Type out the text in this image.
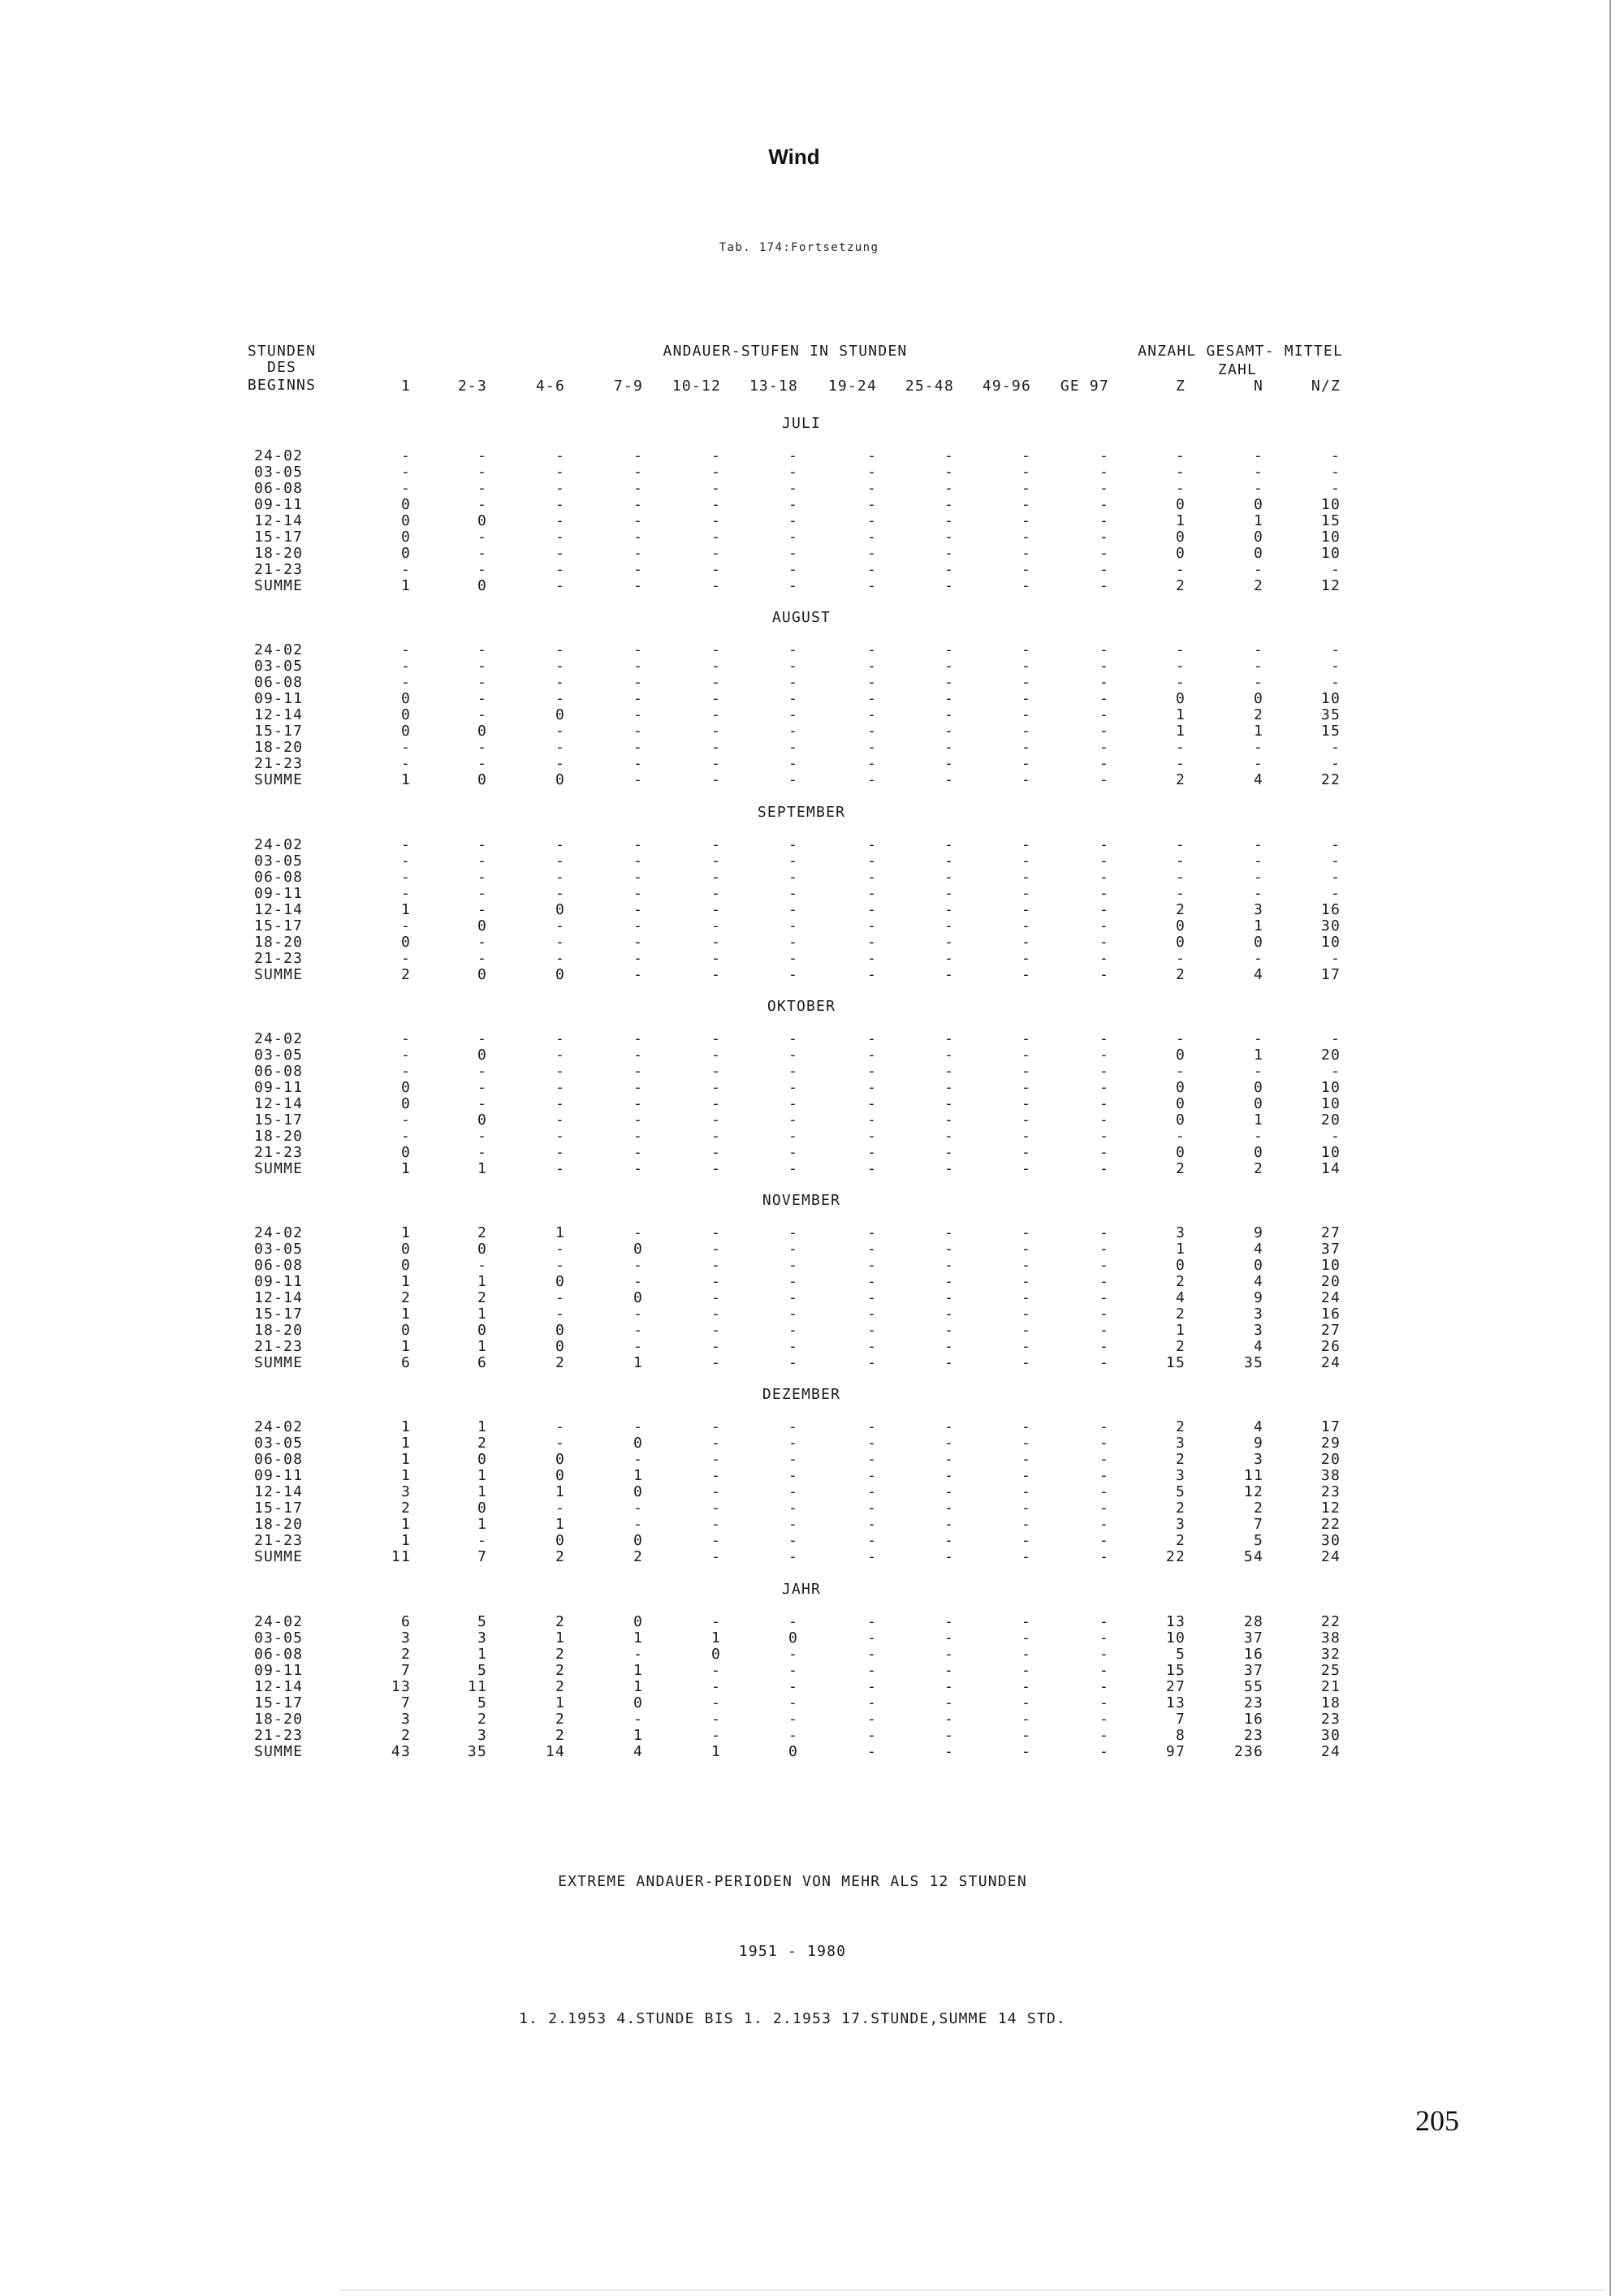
Wind
Tab. 174:Fortsetzung
STUNDEN
DES
BEGINNS
ANDAUER-STUFEN IN STUNDEN	ANZAHL GESAMT- MITTEL
ZAHL
1	2-3	4-6	7-9	10-12	13-18	19-24	25-48	49-96	GE 97	Z	N	N/Z
JULI
24-02	-	-	-	-	-	-	-	-	-	-	-	-	-
03-05	-	-	-	-	-	-	-	-	-	-	-	-	-
06-08	-	-	-	-	-	-	-	-	-	-	-	-	-
09-11	0	-	-	-	-	-	-	-	-	-	0	0	10
12-14	0	0	-	-	-	-	-	-	-	-	1	1	15
15-17	0	-	-	-	-	-	-	-	-	-	0	0	10
18-20	0	-	-	-	-	-	-	-	-	-	0	0	10
21-23	-	-	-	-	-	-	-	-	-	-	-	-	-
SUMME	1	0	-	-	-	-	-	-	-	-	2	2	12
AUGUST
24-02	-	-	-	-	-	-	-	-	-	-	-	-	-
03-05	-	-	-	-	-	-	-	-	-	-	-	-	-
06-08	-	-	-	-	-	-	-	-	-	-	-	-	-
09-11	0	-	-	-	-	-	-	-	-	-	0	0	10
12-14	0	-	0	-	-	-	-	-	-	-	1	2	35
15-17	0	0	-	-	-	-	-	-	-	-	1	1	15
18-20	-	-	-	-	-	-	-	-	-	-	-	-	-
21-23	-	-	-	-	-	-	-	-	-	-	-	-	-
SUMME	1	0	0	-	-	-	-	-	-	-	2	4	22
SEPTEMBER
24-02	-	-	-	-	-	-	-	-	-	-	-	-	-
03-05	-	-	-	-	-	-	-	-	-	-	-	-	-
06-08	-	-	-	-	-	-	-	-	-	-	-	-	-
09-11	-	-	-	-	-	-	-	-	-	-	-	-	-
12-14	1	-	0	-	-	-	-	-	-	-	2	3	16
15-17	-	0	-	-	-	-	-	-	-	-	0	1	30
18-20	0	-	-	-	-	-	-	-	-	-	0	0	10
21-23	-	-	-	-	-	-	-	-	-	-	-	-	-
SUMME	2	0	0	-	-	-	-	-	-	-	2	4	17
OKTOBER
24-02	-	-	-	-	-	-	-	-	-	-	-	-	-
03-05	-	0	-	-	-	-	-	-	-	-	0	1	20
06-08	-	-	-	-	-	-	-	-	-	-	-	-	-
09-11	0	-	-	-	-	-	-	-	-	-	0	0	10
12-14	0	-	-	-	-	-	-	-	-	-	0	0	10
15-17	-	0	-	-	-	-	-	-	-	-	0	1	20
18-20	-	-	-	-	-	-	-	-	-	-	-	-	-
21-23	0	-	-	-	-	-	-	-	-	-	0	0	10
SUMME	1	1	-	-	-	-	-	-	-	-	2	2	14
NOVEMBER
24-02	1	2	1	-	-	-	-	-	-	-	3	9	27
03-05	0	0	-	0	-	-	-	-	-	-	1	4	37
06-08	0	-	-	-	-	-	-	-	-	-	0	0	10
09-11	1	1	0	-	-	-	-	-	-	-	2	4	20
12-14	2	2	-	0	-	-	-	-	-	-	4	9	24
15-17	1	1	-	-	-	-	-	-	-	-	2	3	16
18-20	0	0	0	-	-	-	-	-	-	-	1	3	27
21-23	1	1	0	-	-	-	-	-	-	-	2	4	26
SUMME	6	6	2	1	-	-	-	-	-	-	15	35	24
DEZEMBER
24-02	1	1	-	-	-	-	-	-	-	-	2	4	17
03-05	1	2	-	0	-	-	-	-	-	-	3	9	29
06-08	1	0	0	-	-	-	-	-	-	-	2	3	20
09-11	1	1	0	1	-	-	-	-	-	-	3	11	38
12-14	3	1	1	0	-	-	-	-	-	-	5	12	23
15-17	2	0	-	-	-	-	-	-	-	-	2	2	12
18-20	1	1	1	-	-	-	-	-	-	-	3	7	22
21-23	1	-	0	0	-	-	-	-	-	-	2	5	30
SUMME	11	7	2	2	-	-	-	-	-	-	22	54	24
JAHR
24-02	6	5	2	0	-	-	-	-	-	-	13	28	22
03-05	3	3	1	1	1	0	-	-	-	-	10	37	38
06-08	2	1	2	-	0	-	-	-	-	-	5	16	32
09-11	7	5	2	1	-	-	-	-	-	-	15	37	25
12-14	13	11	2	1	-	-	-	-	-	-	27	55	21
15-17	7	5	1	0	-	-	-	-	-	-	13	23	18
18-20	3	2	2	-	-	-	-	-	-	-	7	16	23
21-23	2	3	2	1	-	-	-	-	-	-	8	23	30
SUMME	43	35	14	4	1	0	-	-	-	-	97	236	24
EXTREME ANDAUER-PERIODEN VON MEHR ALS 12 STUNDEN
1951 - 1980
1. 2.1953 4.STUNDE BIS 1. 2.1953 17.STUNDE,SUMME 14 STD.
205
